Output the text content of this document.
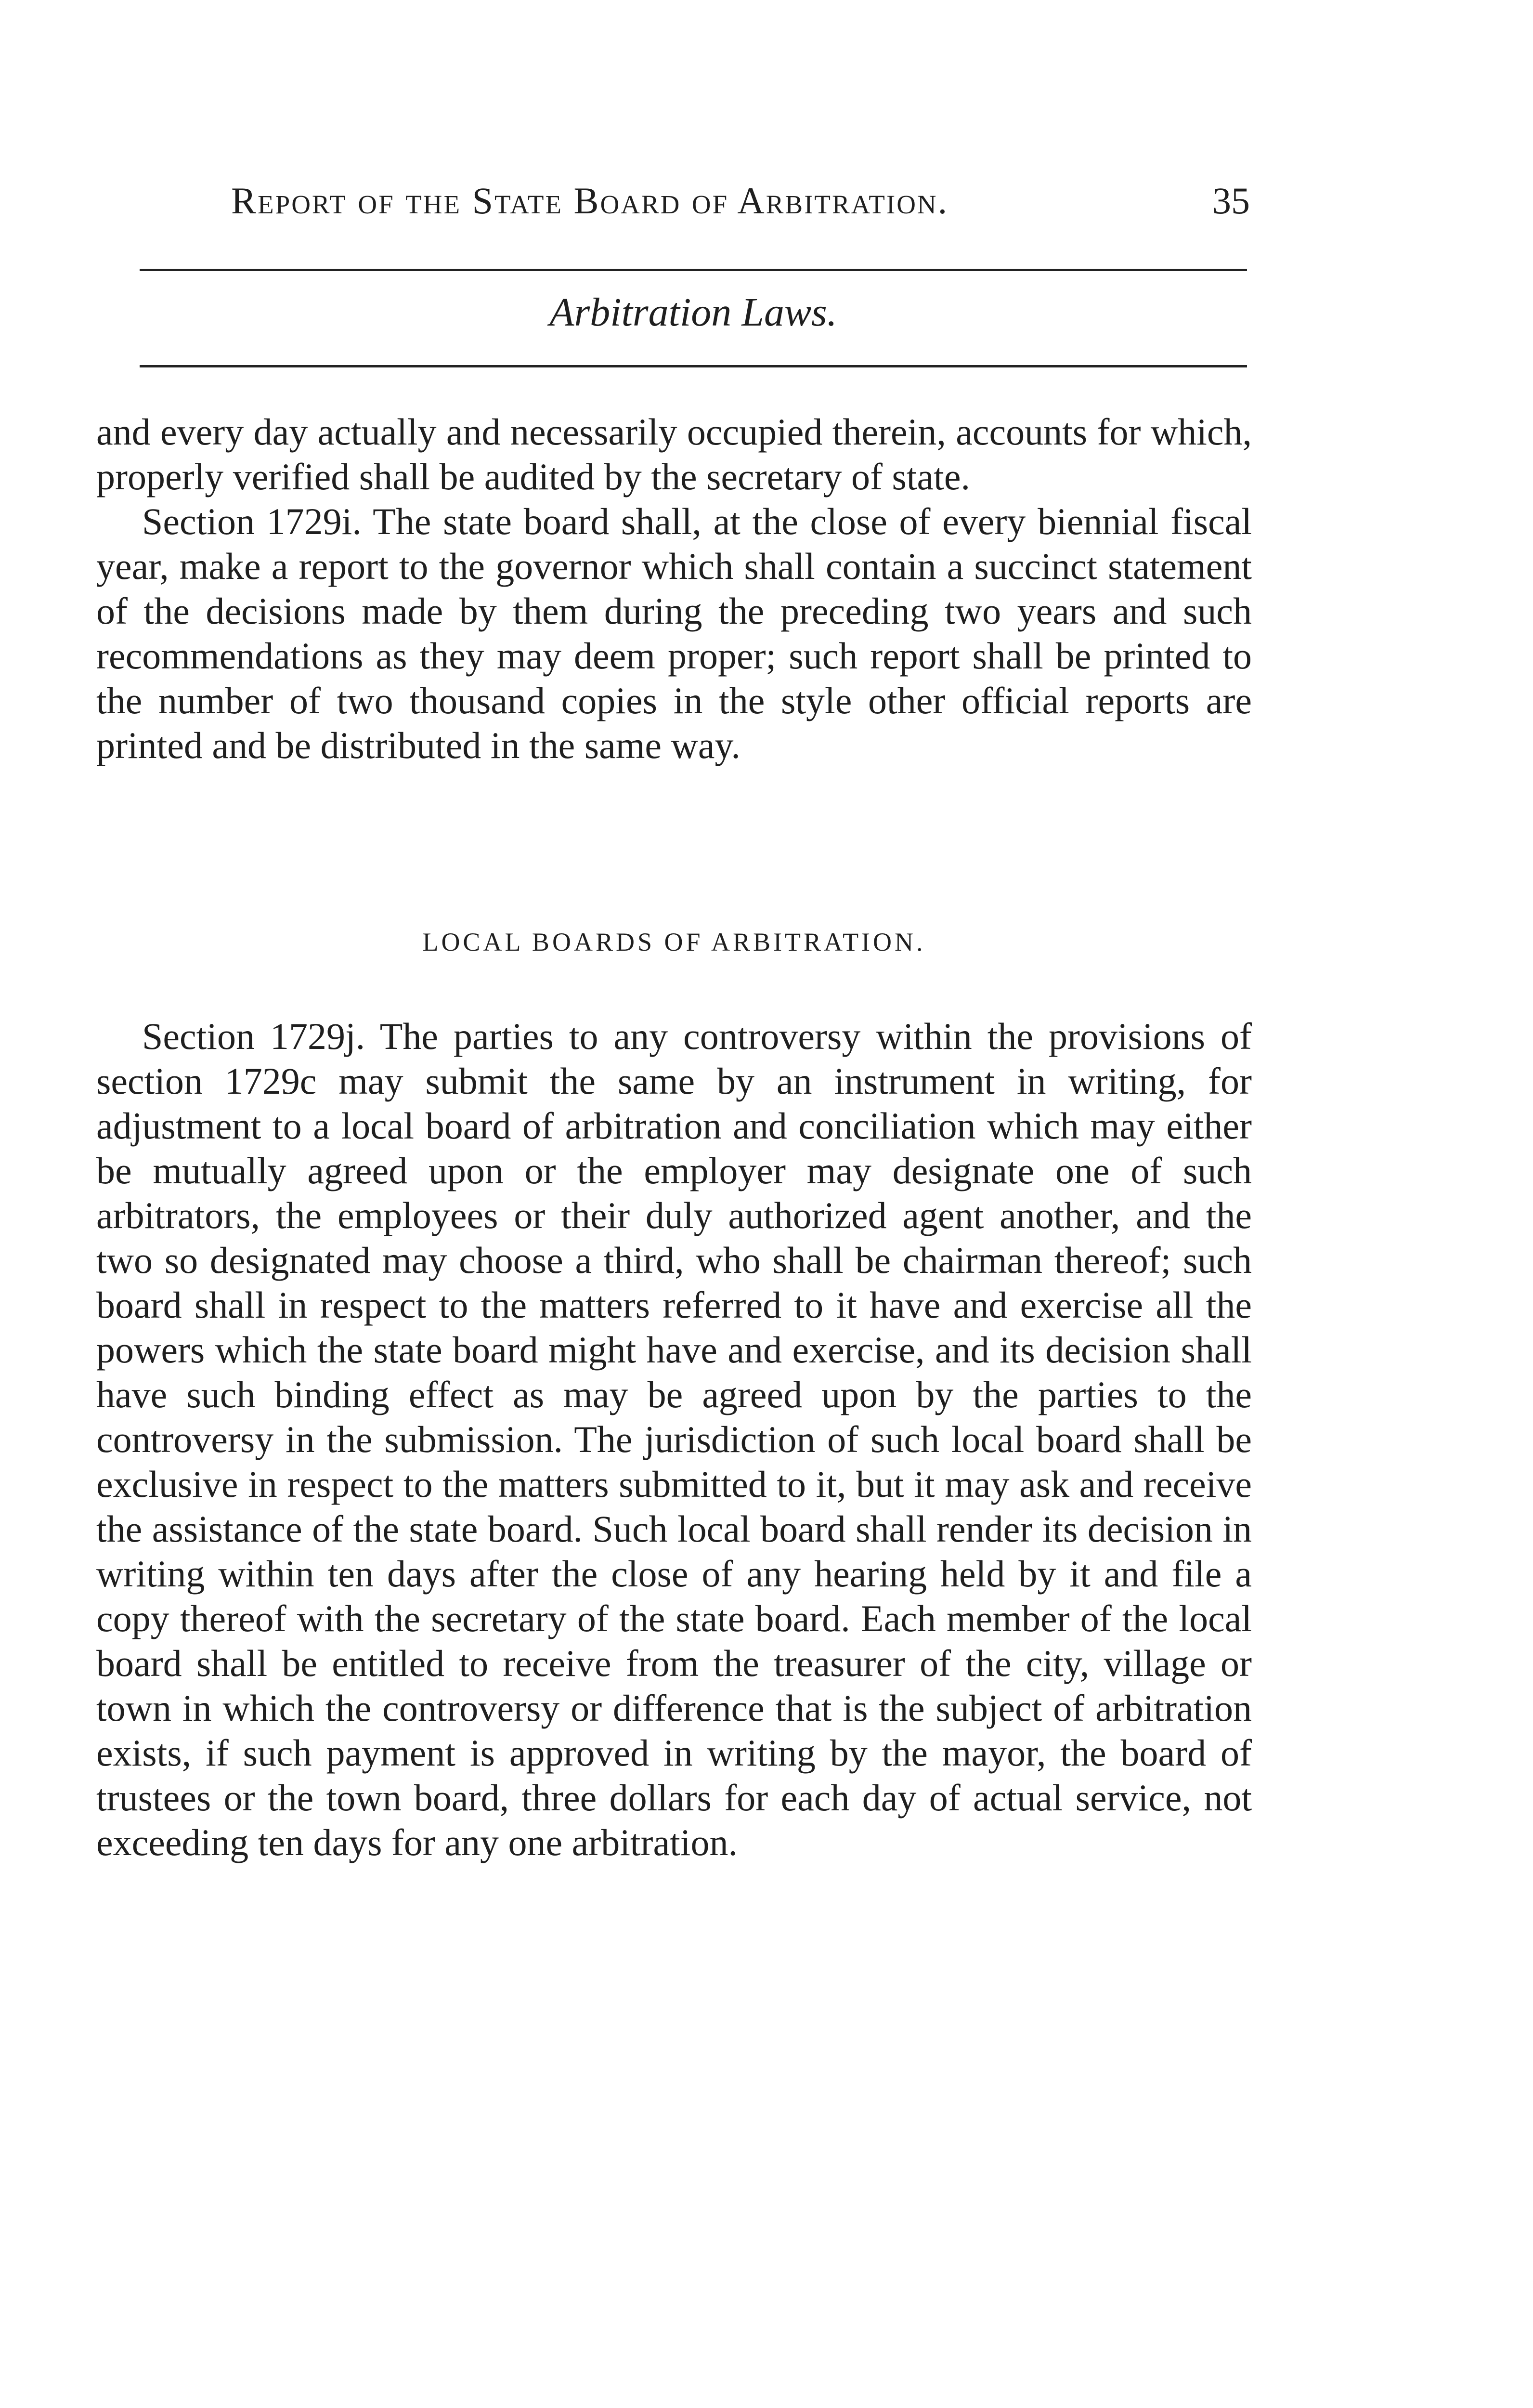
Report of the State Board of Arbitration.	35
Arbitration Laws.

and every day actually and necessarily occupied therein, accounts for which, properly verified shall be audited by the secretary of state.

Section 1729i. The state board shall, at the close of every biennial fiscal year, make a report to the governor which shall contain a succinct statement of the decisions made by them during the preceding two years and such recommendations as they may deem proper; such report shall be printed to the number of two thousand copies in the style other official reports are printed and be distributed in the same way.

LOCAL BOARDS OF ARBITRATION.

Section 1729j. The parties to any controversy within the provisions of section 1729c may submit the same by an instrument in writing, for adjustment to a local board of arbitration and conciliation which may either be mutually agreed upon or the employer may designate one of such arbitrators, the employees or their duly authorized agent another, and the two so designated may choose a third, who shall be chairman thereof; such board shall in respect to the matters referred to it have and exercise all the powers which the state board might have and exercise, and its decision shall have such binding effect as may be agreed upon by the parties to the controversy in the submission. The jurisdiction of such local board shall be exclusive in respect to the matters submitted to it, but it may ask and receive the assistance of the state board. Such local board shall render its decision in writing within ten days after the close of any hearing held by it and file a copy thereof with the secretary of the state board. Each member of the local board shall be entitled to receive from the treasurer of the city, village or town in which the controversy or difference that is the subject of arbitration exists, if such payment is approved in writing by the mayor, the board of trustees or the town board, three dollars for each day of actual service, not exceeding ten days for any one arbitration.
